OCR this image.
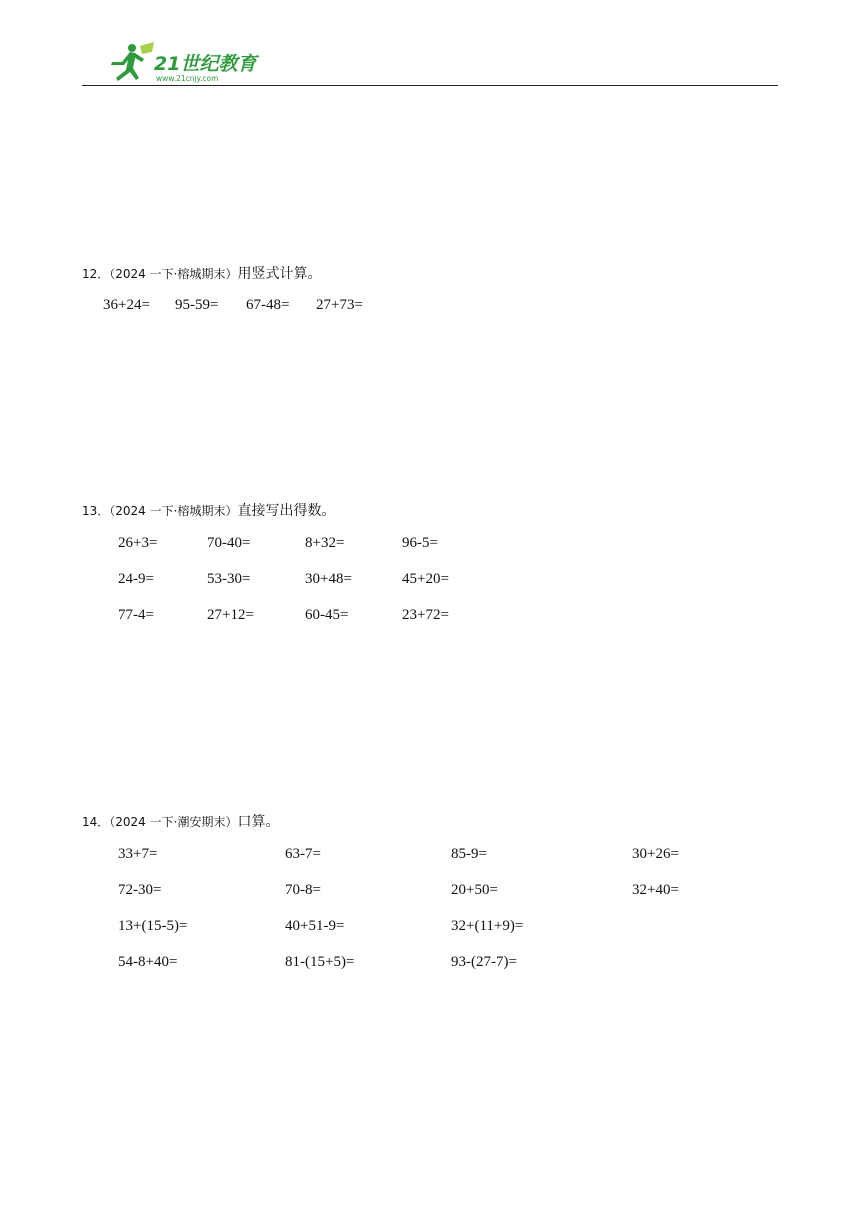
21世纪教育
www.21cnjy.com
12．（2024 一下·榕城期末）用竖式计算。
36+24= 95-59= 67-48= 27+73=
13．（2024 一下·榕城期末）直接写出得数。
26+3=	70-40=	8+32=	96-5=
24-9=	53-30=	30+48=	45+20=
77-4=	27+12=	60-45=	23+72=
14．（2024 一下·潮安期末）口算。
33+7=	63-7=	85-9=	30+26=
72-30=	70-8=	20+50=	32+40=
13+(15-5)=	40+51-9=	32+(11+9)=
54-8+40=	81-(15+5)=	93-(27-7)=
